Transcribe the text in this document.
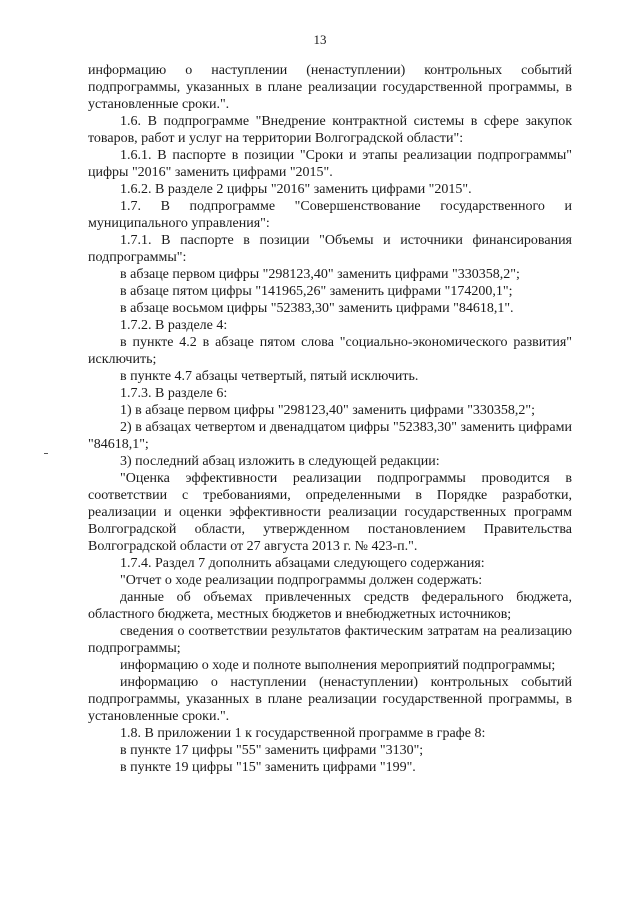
13

информацию о наступлении (ненаступлении) контрольных событий подпрограммы, указанных в плане реализации государственной программы, в установленные сроки.".

1.6. В подпрограмме "Внедрение контрактной системы в сфере закупок товаров, работ и услуг на территории Волгоградской области":

1.6.1. В паспорте в позиции "Сроки и этапы реализации подпрограммы" цифры "2016" заменить цифрами "2015".

1.6.2. В разделе 2 цифры "2016" заменить цифрами "2015".

1.7. В подпрограмме "Совершенствование государственного и муниципального управления":

1.7.1. В паспорте в позиции "Объемы и источники финансирования подпрограммы":

в абзаце первом цифры "298123,40" заменить цифрами "330358,2";

в абзаце пятом цифры "141965,26" заменить цифрами "174200,1";

в абзаце восьмом цифры "52383,30" заменить цифрами "84618,1".

1.7.2. В разделе 4:

в пункте 4.2 в абзаце пятом слова "социально-экономического развития" исключить;

в пункте 4.7 абзацы четвертый, пятый исключить.

1.7.3. В разделе 6:

1) в абзаце первом цифры "298123,40" заменить цифрами "330358,2";

2) в абзацах четвертом и двенадцатом цифры "52383,30" заменить цифрами "84618,1";

3) последний абзац изложить в следующей редакции:

"Оценка эффективности реализации подпрограммы проводится в соответствии с требованиями, определенными в Порядке разработки, реализации и оценки эффективности реализации государственных программ Волгоградской области, утвержденном постановлением Правительства Волгоградской области от 27 августа 2013 г. № 423-п.".

1.7.4. Раздел 7 дополнить абзацами следующего содержания:

"Отчет о ходе реализации подпрограммы должен содержать:

данные об объемах привлеченных средств федерального бюджета, областного бюджета, местных бюджетов и внебюджетных источников;

сведения о соответствии результатов фактическим затратам на реализацию подпрограммы;

информацию о ходе и полноте выполнения мероприятий подпрограммы;

информацию о наступлении (ненаступлении) контрольных событий подпрограммы, указанных в плане реализации государственной программы, в установленные сроки.".

1.8. В приложении 1 к государственной программе в графе 8:

в пункте 17 цифры "55" заменить цифрами "3130";

в пункте 19 цифры "15" заменить цифрами "199".
